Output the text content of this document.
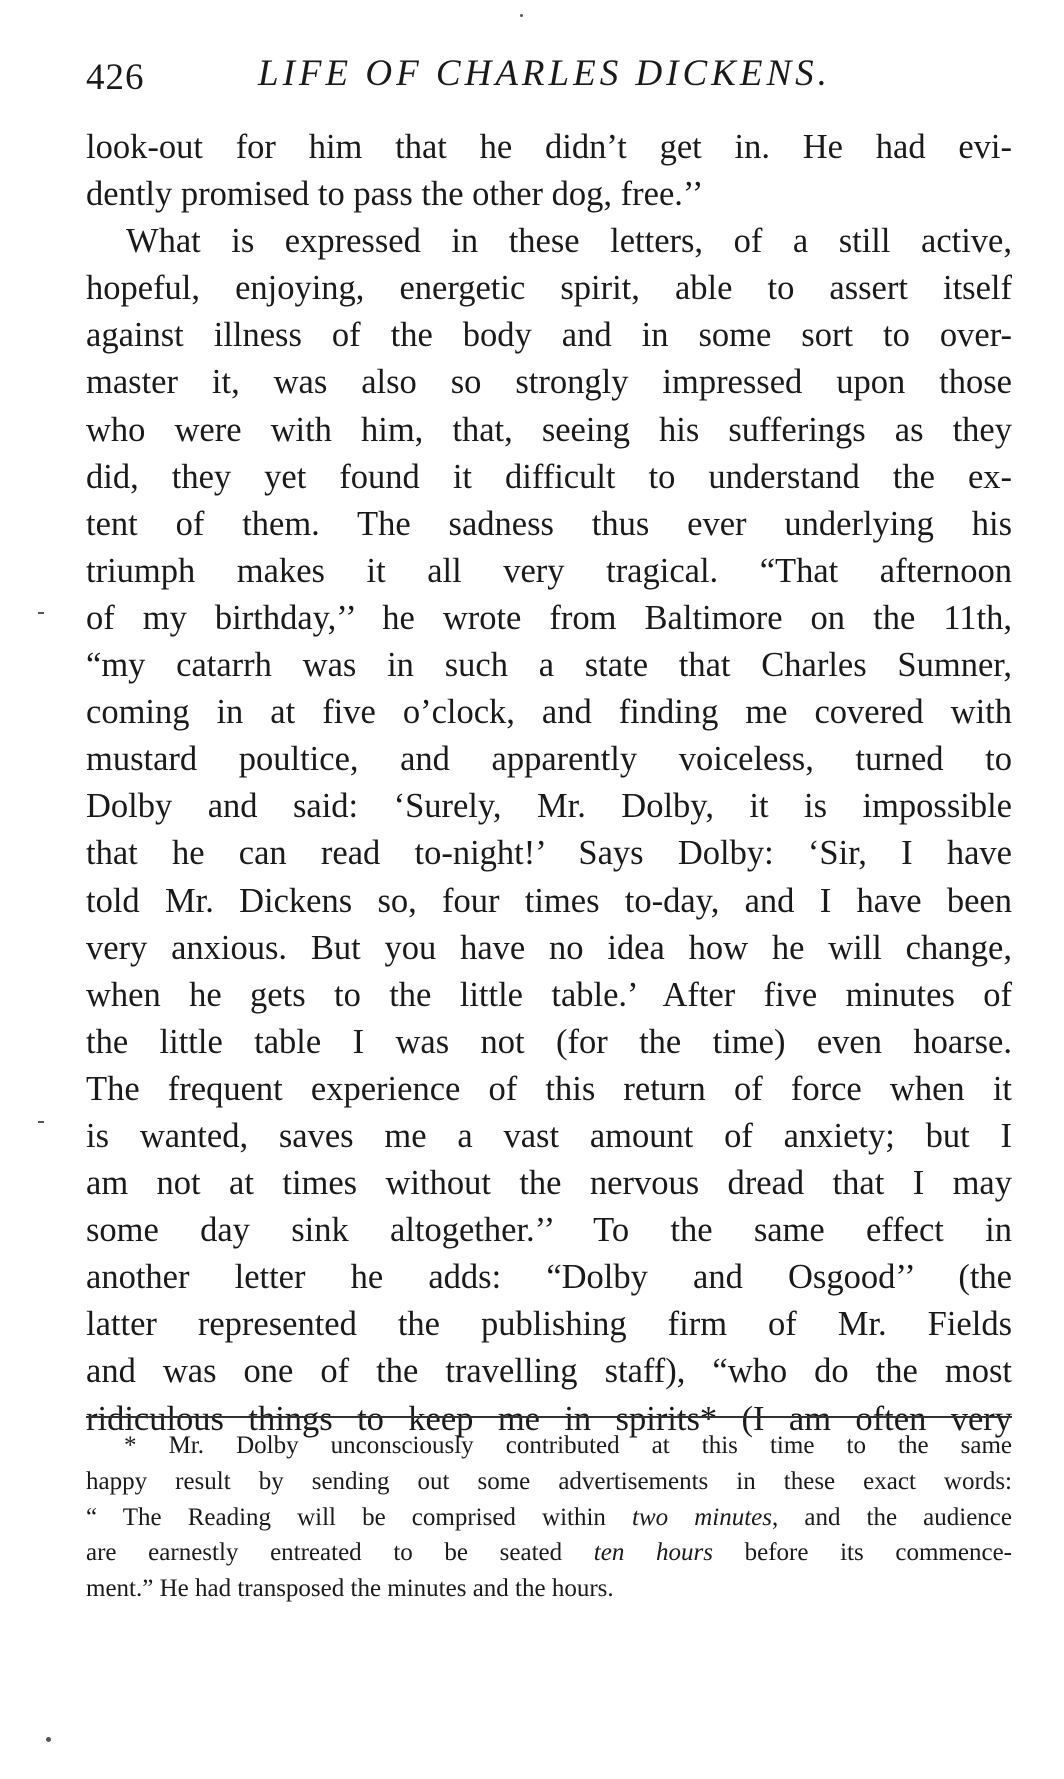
426	LIFE OF CHARLES DICKENS.
look-out for him that he didn’t get in. He had evi-
dently promised to pass the other dog, free.’’
What is expressed in these letters, of a still active,
hopeful, enjoying, energetic spirit, able to assert itself
against illness of the body and in some sort to over-
master it, was also so strongly impressed upon those
who were with him, that, seeing his sufferings as they
did, they yet found it difficult to understand the ex-
tent of them. The sadness thus ever underlying his
triumph makes it all very tragical. “That afternoon
of my birthday,’’ he wrote from Baltimore on the 11th,
“my catarrh was in such a state that Charles Sumner,
coming in at five o’clock, and finding me covered with
mustard poultice, and apparently voiceless, turned to
Dolby and said: ‘Surely, Mr. Dolby, it is impossible
that he can read to-night!’ Says Dolby: ‘Sir, I have
told Mr. Dickens so, four times to-day, and I have been
very anxious. But you have no idea how he will change,
when he gets to the little table.’ After five minutes of
the little table I was not (for the time) even hoarse.
The frequent experience of this return of force when it
is wanted, saves me a vast amount of anxiety; but I
am not at times without the nervous dread that I may
some day sink altogether.’’ To the same effect in
another letter he adds: “Dolby and Osgood’’ (the
latter represented the publishing firm of Mr. Fields
and was one of the travelling staff), “who do the most
ridiculous things to keep me in spirits* (I am often very
* Mr. Dolby unconsciously contributed at this time to the same
happy result by sending out some advertisements in these exact words:
“ The Reading will be comprised within two minutes, and the audience
are earnestly entreated to be seated ten hours before its commence-
ment.” He had transposed the minutes and the hours.
